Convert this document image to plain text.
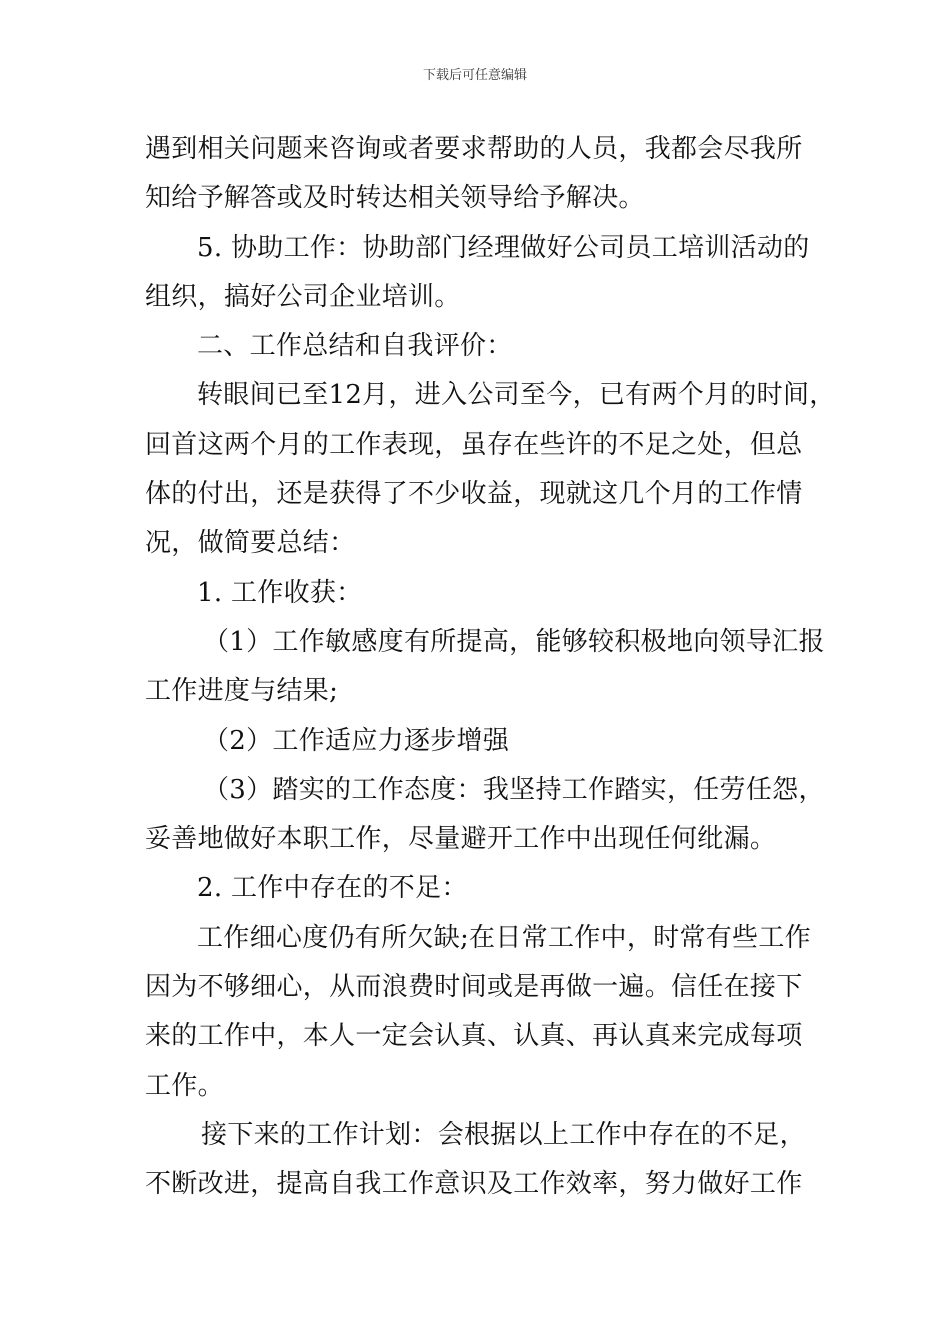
下载后可任意编辑
遇到相关问题来咨询或者要求帮助的人员，我都会尽我所
知给予解答或及时转达相关领导给予解决。
5. 协助工作：协助部门经理做好公司员工培训活动的
组织，搞好公司企业培训。
二、工作总结和自我评价：
转眼间已至12月，进入公司至今，已有两个月的时间，
回首这两个月的工作表现，虽存在些许的不足之处，但总
体的付出，还是获得了不少收益，现就这几个月的工作情
况，做简要总结：
1. 工作收获：
（1）工作敏感度有所提高，能够较积极地向领导汇报
工作进度与结果;
（2）工作适应力逐步增强
（3）踏实的工作态度：我坚持工作踏实，任劳任怨，
妥善地做好本职工作，尽量避开工作中出现任何纰漏。
2. 工作中存在的不足：
工作细心度仍有所欠缺;在日常工作中，时常有些工作
因为不够细心，从而浪费时间或是再做一遍。信任在接下
来的工作中，本人一定会认真、认真、再认真来完成每项
工作。
接下来的工作计划：会根据以上工作中存在的不足，
不断改进，提高自我工作意识及工作效率，努力做好工作
